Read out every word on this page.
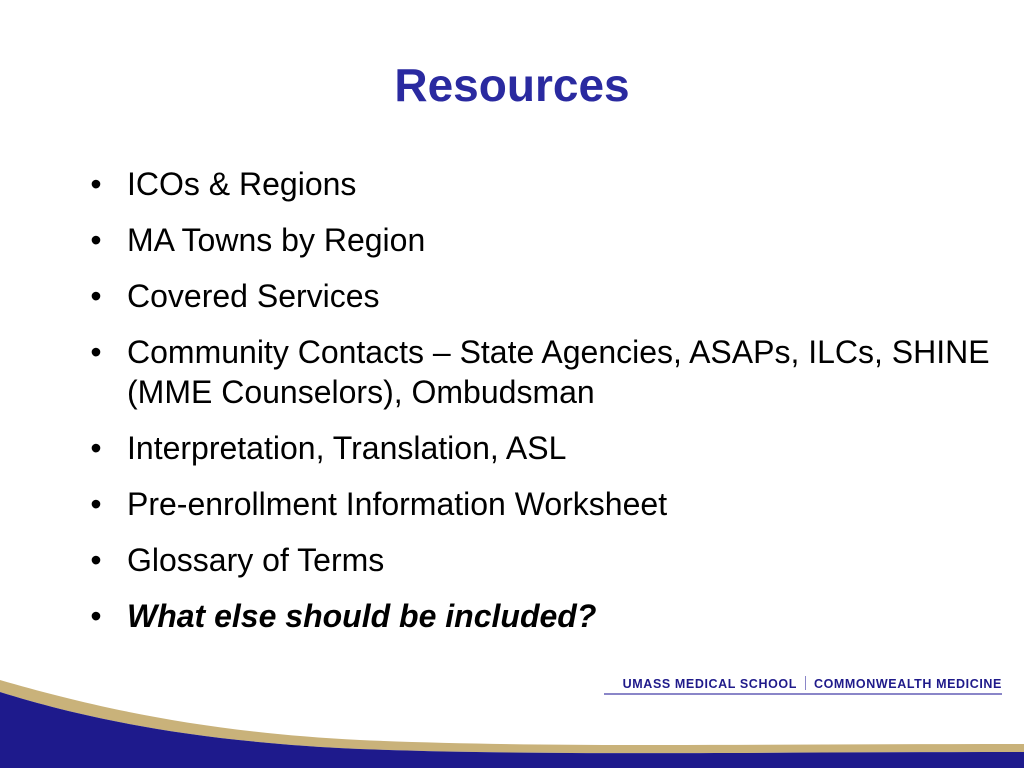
Resources
• ICOs & Regions
• MA Towns by Region
• Covered Services
• Community Contacts – State Agencies, ASAPs, ILCs, SHINE (MME Counselors), Ombudsman
• Interpretation, Translation, ASL
• Pre-enrollment Information Worksheet
• Glossary of Terms
• What else should be included?
UMASS MEDICAL SCHOOL COMMONWEALTH MEDICINE
